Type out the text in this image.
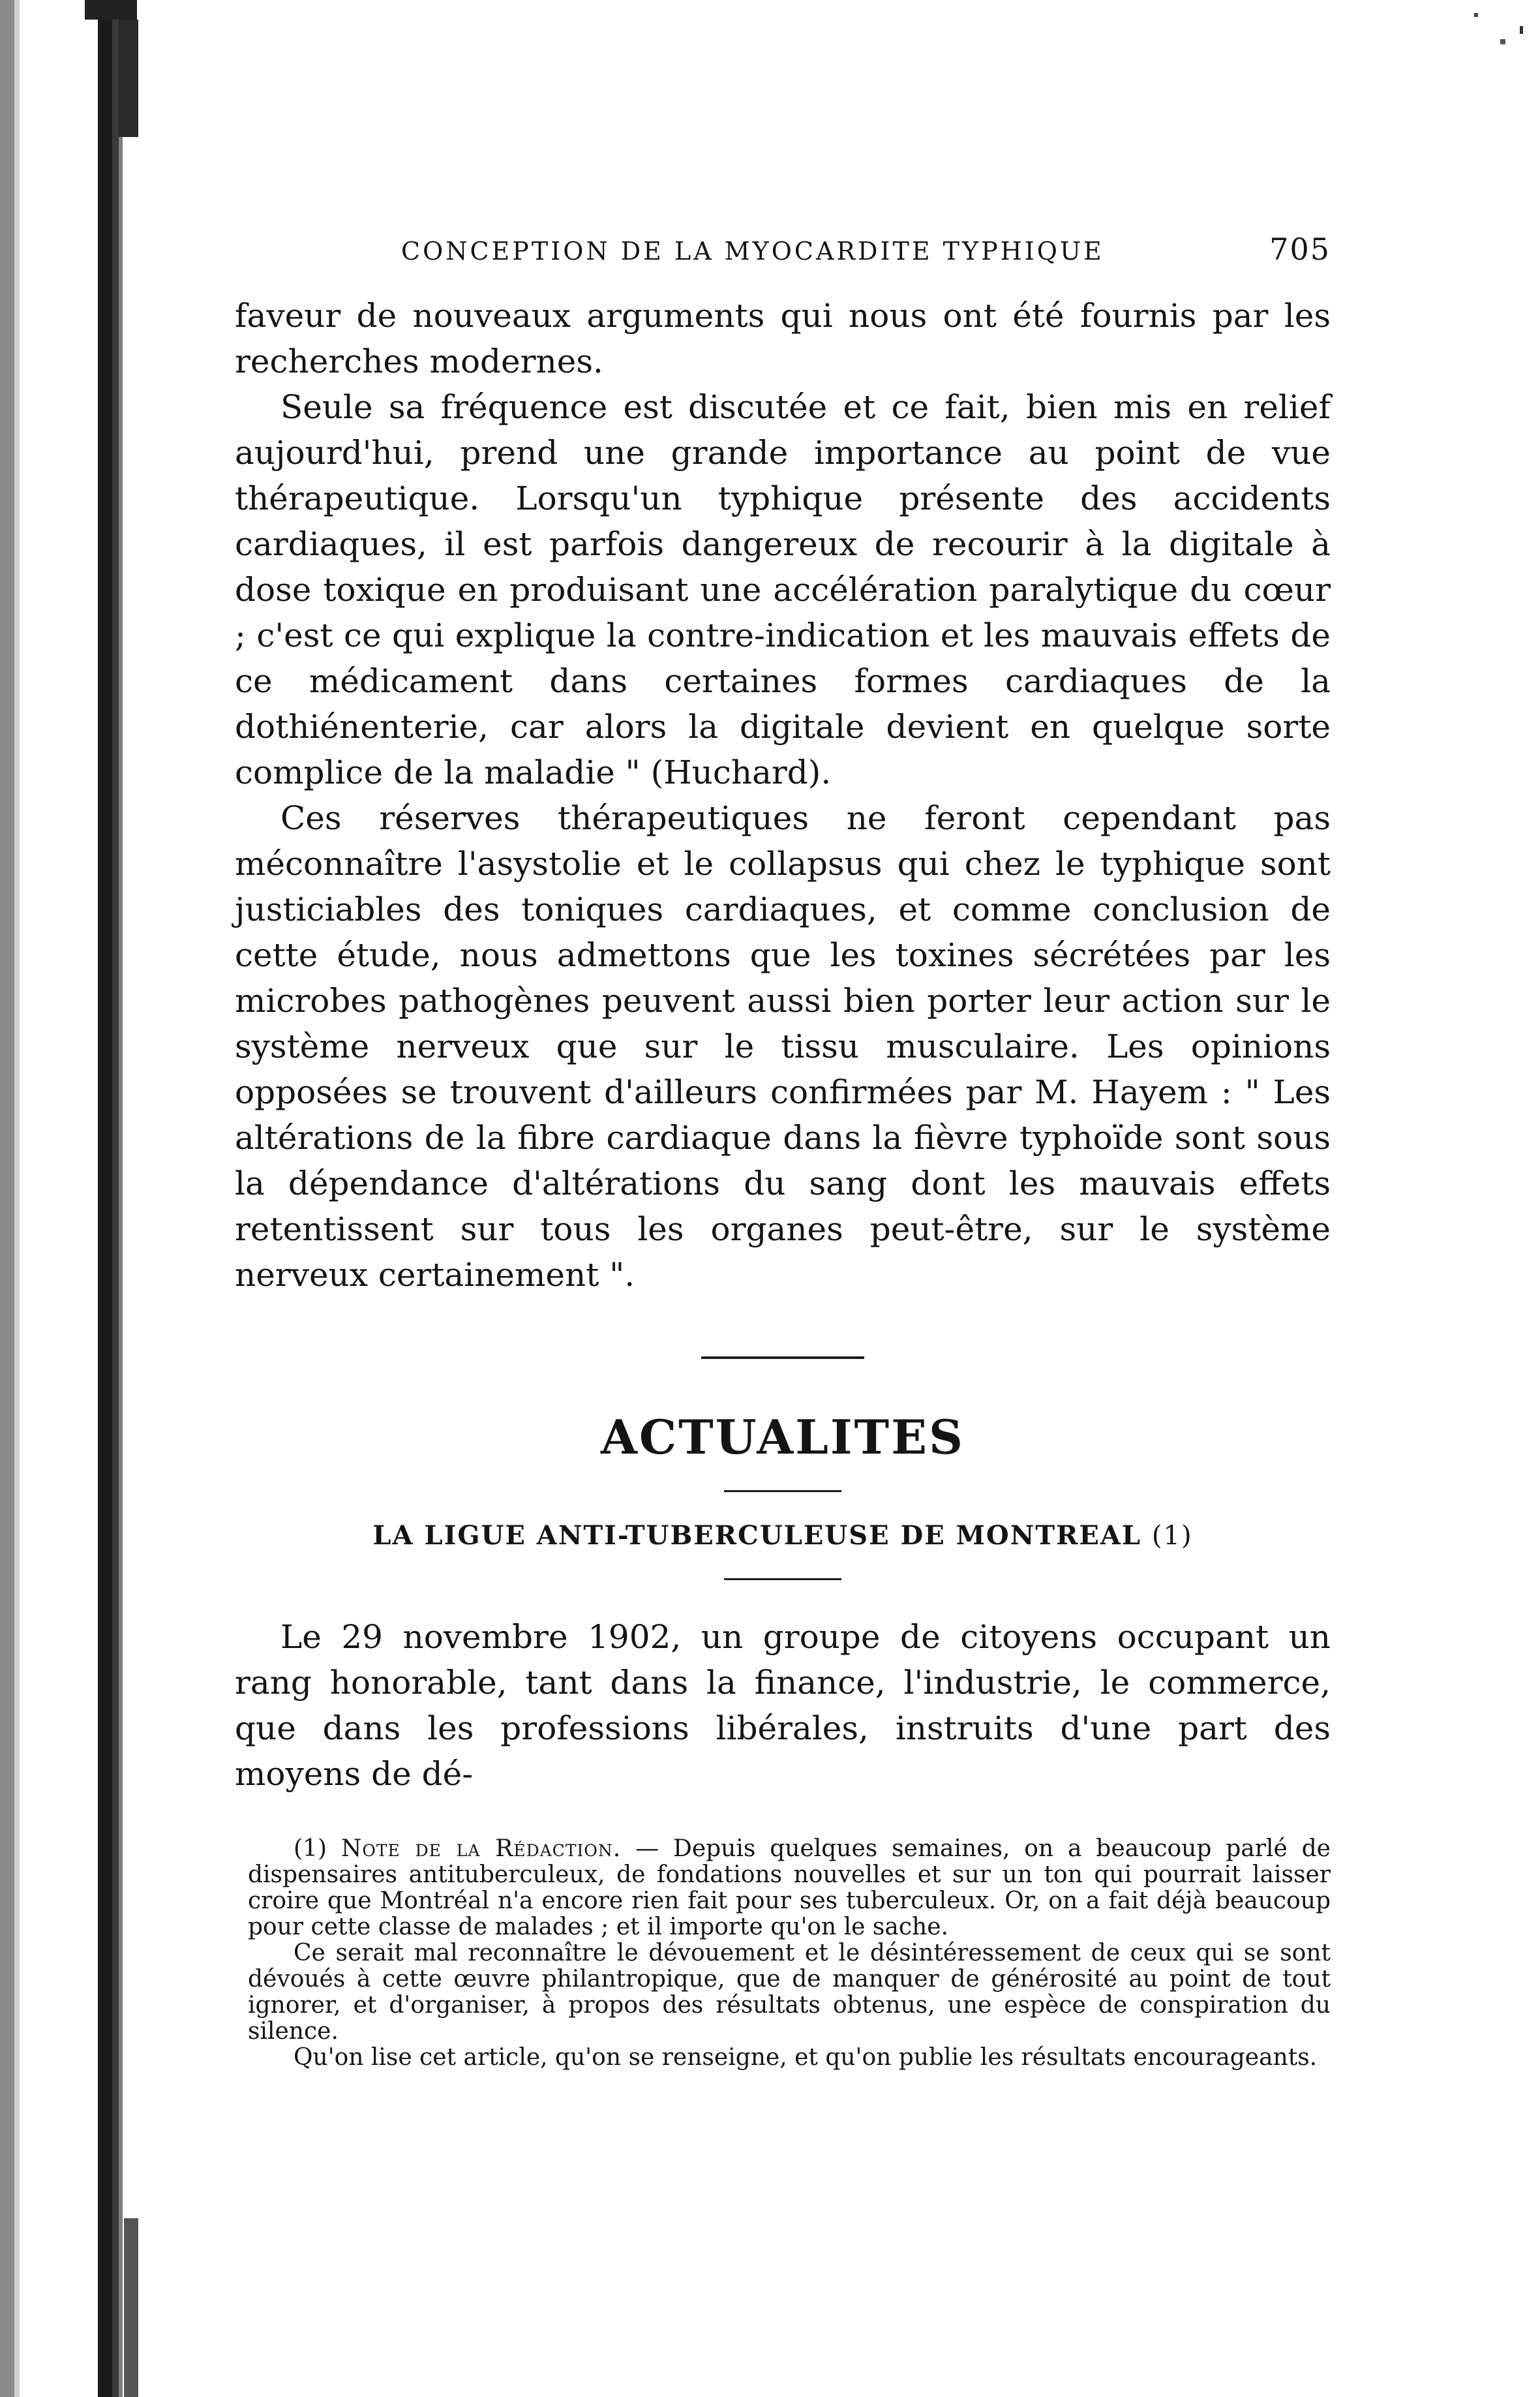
CONCEPTION DE LA MYOCARDITE TYPHIQUE	705

faveur de nouveaux arguments qui nous ont été fournis par les recherches modernes.

Seule sa fréquence est discutée et ce fait, bien mis en relief aujourd'hui, prend une grande importance au point de vue thérapeutique. Lorsqu'un typhique présente des accidents cardiaques, il est parfois dangereux de recourir à la digitale à dose toxique en produisant une accélération paralytique du cœur ; c'est ce qui explique la contre-indication et les mauvais effets de ce médicament dans certaines formes cardiaques de la dothiénenterie, car alors la digitale devient en quelque sorte complice de la maladie " (Huchard).

Ces réserves thérapeutiques ne feront cependant pas méconnaître l'asystolie et le collapsus qui chez le typhique sont justiciables des toniques cardiaques, et comme conclusion de cette étude, nous admettons que les toxines sécrétées par les microbes pathogènes peuvent aussi bien porter leur action sur le système nerveux que sur le tissu musculaire. Les opinions opposées se trouvent d'ailleurs confirmées par M. Hayem : " Les altérations de la fibre cardiaque dans la fièvre typhoïde sont sous la dépendance d'altérations du sang dont les mauvais effets retentissent sur tous les organes peut-être, sur le système nerveux certainement ".

ACTUALITES
LA LIGUE ANTI-TUBERCULEUSE DE MONTREAL (1)

Le 29 novembre 1902, un groupe de citoyens occupant un rang honorable, tant dans la finance, l'industrie, le commerce, que dans les professions libérales, instruits d'une part des moyens de dé-

(1) Note de la Rédaction. — Depuis quelques semaines, on a beaucoup parlé de dispensaires antituberculeux, de fondations nouvelles et sur un ton qui pourrait laisser croire que Montréal n'a encore rien fait pour ses tuberculeux. Or, on a fait déjà beaucoup pour cette classe de malades ; et il importe qu'on le sache.

Ce serait mal reconnaître le dévouement et le désintéressement de ceux qui se sont dévoués à cette œuvre philantropique, que de manquer de générosité au point de tout ignorer, et d'organiser, à propos des résultats obtenus, une espèce de conspiration du silence.

Qu'on lise cet article, qu'on se renseigne, et qu'on publie les résultats encourageants.
